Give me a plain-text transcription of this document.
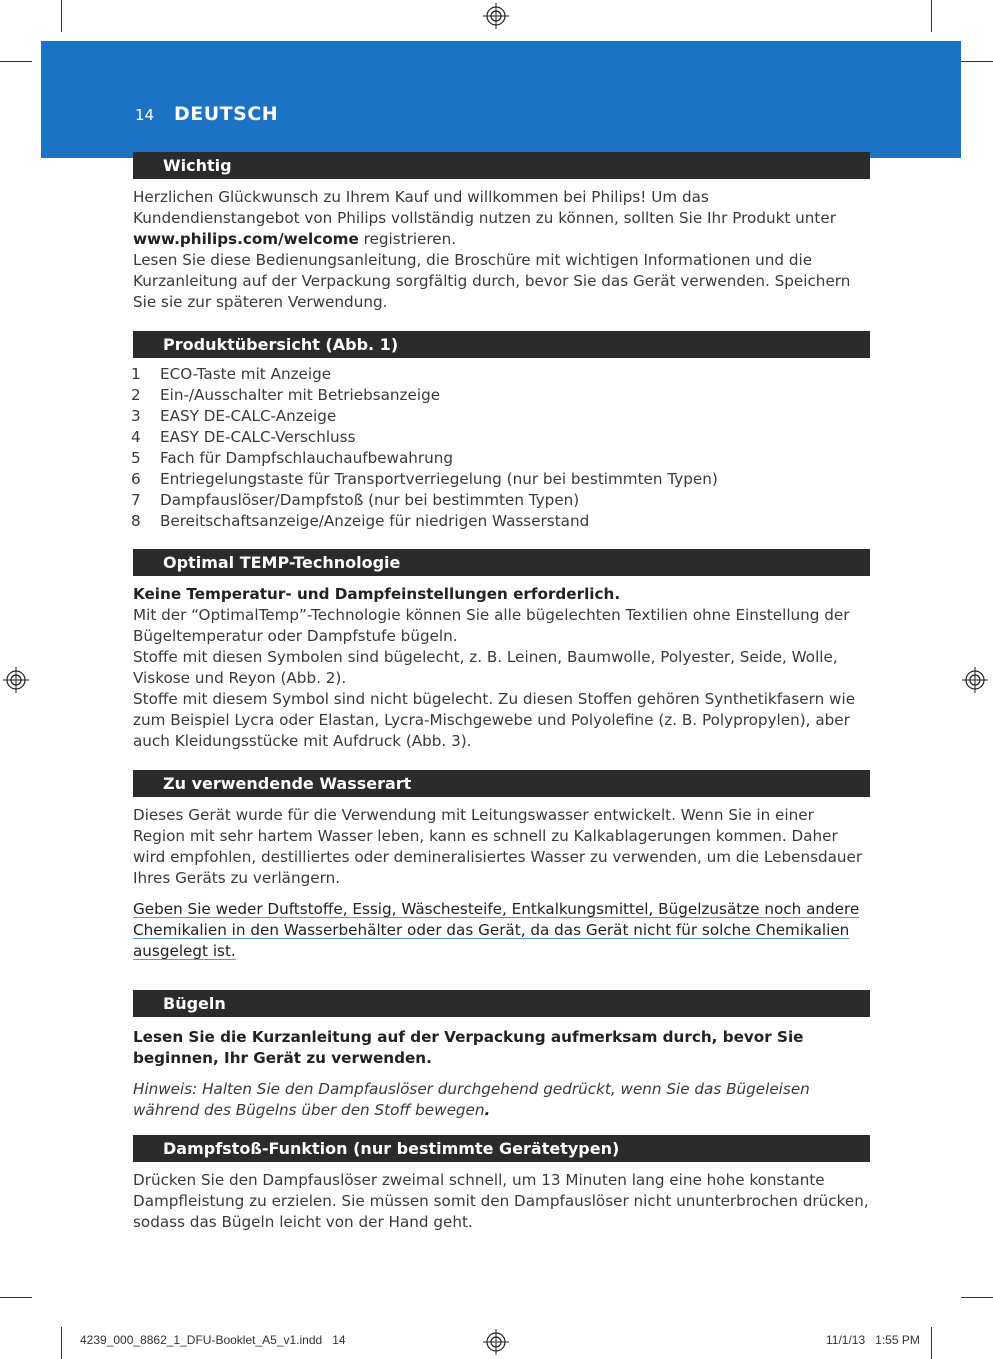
14 DEUTSCH
Wichtig

Herzlichen Glückwunsch zu Ihrem Kauf und willkommen bei Philips! Um das Kundendienstangebot von Philips vollständig nutzen zu können, sollten Sie Ihr Produkt unter www.philips.com/welcome registrieren.

Lesen Sie diese Bedienungsanleitung, die Broschüre mit wichtigen Informationen und die Kurzanleitung auf der Verpackung sorgfältig durch, bevor Sie das Gerät verwenden. Speichern Sie sie zur späteren Verwendung.

Produktübersicht (Abb. 1)
1 ECO-Taste mit Anzeige
2 Ein-/Ausschalter mit Betriebsanzeige
3 EASY DE-CALC-Anzeige
4 EASY DE-CALC-Verschluss
5 Fach für Dampfschlauchaufbewahrung
6 Entriegelungstaste für Transportverriegelung (nur bei bestimmten Typen)
7 Dampfauslöser/Dampfstoß (nur bei bestimmten Typen)
8 Bereitschaftsanzeige/Anzeige für niedrigen Wasserstand
Optimal TEMP-Technologie

Keine Temperatur- und Dampfeinstellungen erforderlich.

Mit der “OptimalTemp”-Technologie können Sie alle bügelechten Textilien ohne Einstellung der Bügeltemperatur oder Dampfstufe bügeln.

Stoffe mit diesen Symbolen sind bügelecht, z. B. Leinen, Baumwolle, Polyester, Seide, Wolle, Viskose und Reyon (Abb. 2).

Stoffe mit diesem Symbol sind nicht bügelecht. Zu diesen Stoffen gehören Synthetikfasern wie zum Beispiel Lycra oder Elastan, Lycra-Mischgewebe und Polyolefine (z. B. Polypropylen), aber auch Kleidungsstücke mit Aufdruck (Abb. 3).

Zu verwendende Wasserart

Dieses Gerät wurde für die Verwendung mit Leitungswasser entwickelt. Wenn Sie in einer Region mit sehr hartem Wasser leben, kann es schnell zu Kalkablagerungen kommen. Daher wird empfohlen, destilliertes oder demineralisiertes Wasser zu verwenden, um die Lebensdauer Ihres Geräts zu verlängern.

Geben Sie weder Duftstoffe, Essig, Wäschesteife, Entkalkungsmittel, Bügelzusätze noch andere Chemikalien in den Wasserbehälter oder das Gerät, da das Gerät nicht für solche Chemikalien ausgelegt ist.

Bügeln

Lesen Sie die Kurzanleitung auf der Verpackung aufmerksam durch, bevor Sie beginnen, Ihr Gerät zu verwenden.

Hinweis: Halten Sie den Dampfauslöser durchgehend gedrückt, wenn Sie das Bügeleisen während des Bügelns über den Stoff bewegen.

Dampfstoß-Funktion (nur bestimmte Gerätetypen)

Drücken Sie den Dampfauslöser zweimal schnell, um 13 Minuten lang eine hohe konstante Dampfleistung zu erzielen. Sie müssen somit den Dampfauslöser nicht ununterbrochen drücken, sodass das Bügeln leicht von der Hand geht.

4239_000_8862_1_DFU-Booklet_A5_v1.indd   14	11/1/13   1:55 PM
